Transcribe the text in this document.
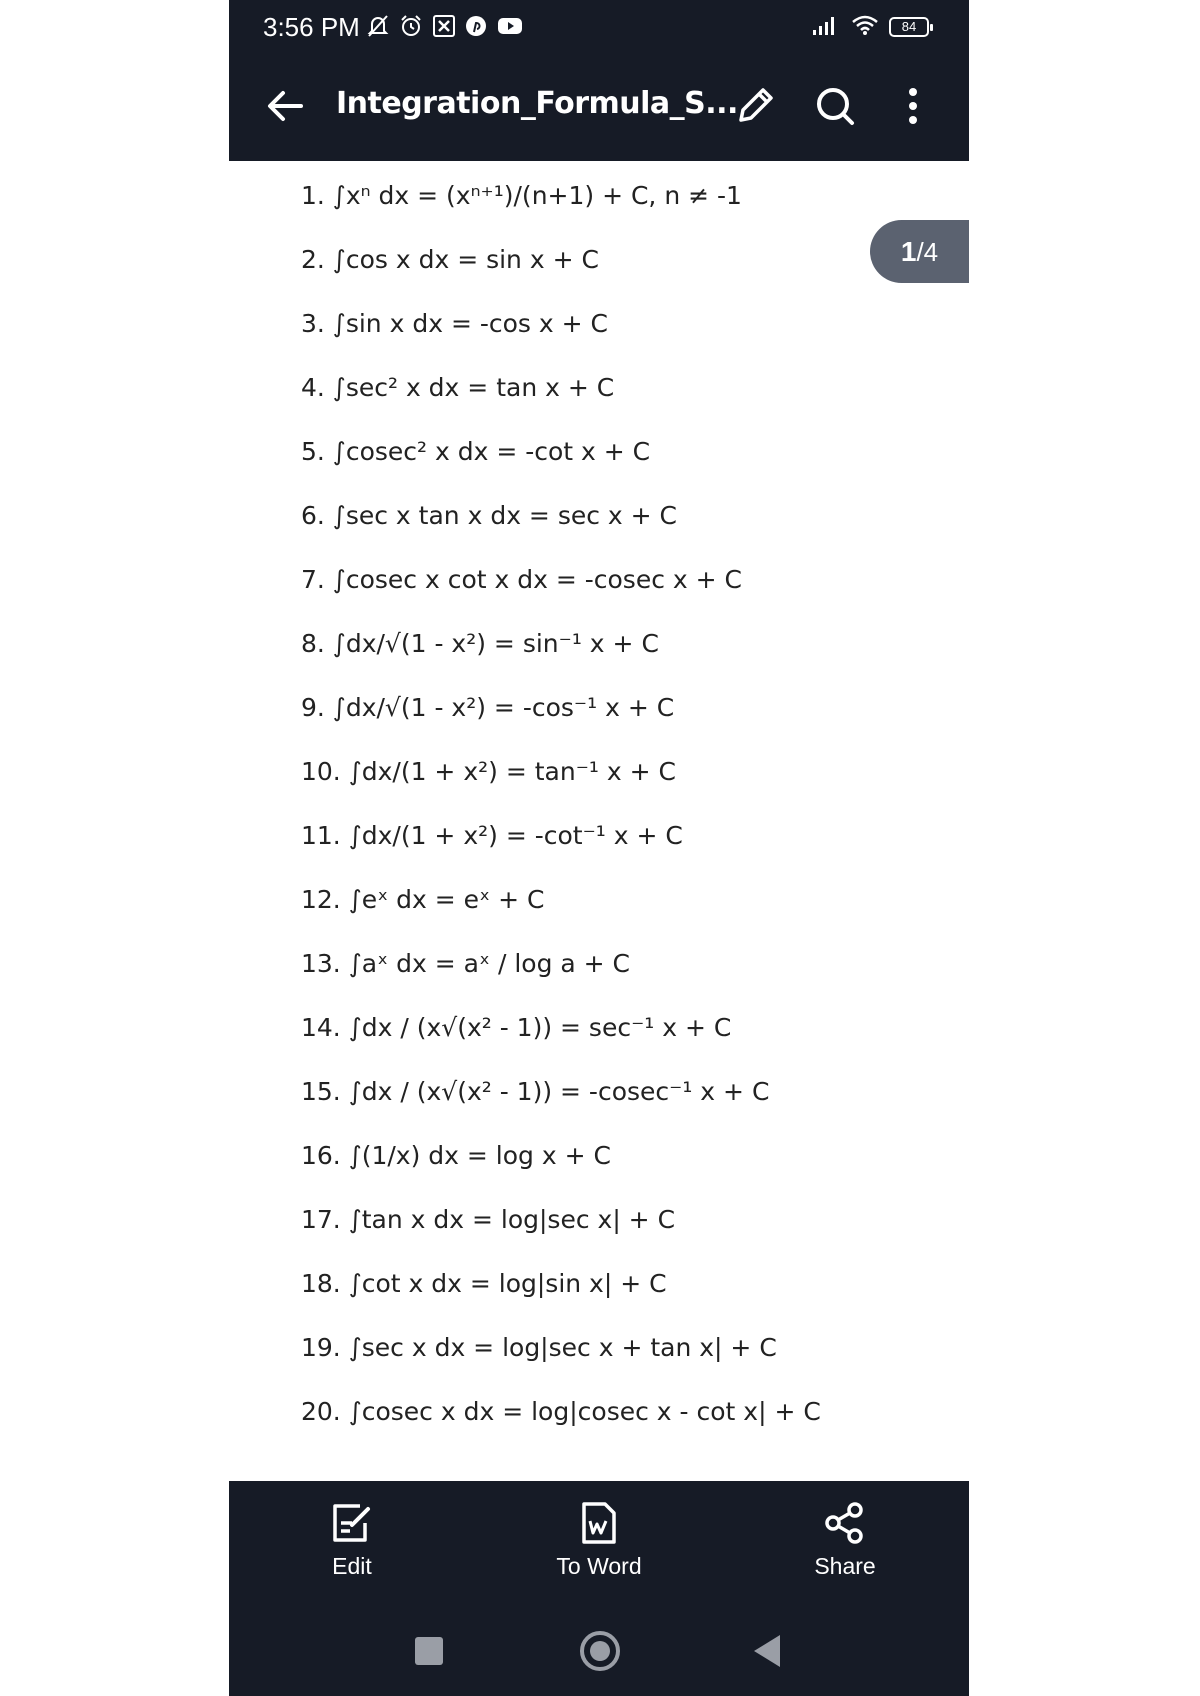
3:56 PM	84
Integration_Formula_S...
1. ∫xⁿ dx = (xⁿ⁺¹)/(n+1) + C, n ≠ -1
2. ∫cos x dx = sin x + C
3. ∫sin x dx = -cos x + C
4. ∫sec² x dx = tan x + C
5. ∫cosec² x dx = -cot x + C
6. ∫sec x tan x dx = sec x + C
7. ∫cosec x cot x dx = -cosec x + C
8. ∫dx/√(1 - x²) = sin⁻¹ x + C
9. ∫dx/√(1 - x²) = -cos⁻¹ x + C
10. ∫dx/(1 + x²) = tan⁻¹ x + C
11. ∫dx/(1 + x²) = -cot⁻¹ x + C
12. ∫eˣ dx = eˣ + C
13. ∫aˣ dx = aˣ / log a + C
14. ∫dx / (x√(x² - 1)) = sec⁻¹ x + C
15. ∫dx / (x√(x² - 1)) = -cosec⁻¹ x + C
16. ∫(1/x) dx = log x + C
17. ∫tan x dx = log|sec x| + C
18. ∫cot x dx = log|sin x| + C
19. ∫sec x dx = log|sec x + tan x| + C
20. ∫cosec x dx = log|cosec x - cot x| + C
1/4
Edit	To Word	Share
